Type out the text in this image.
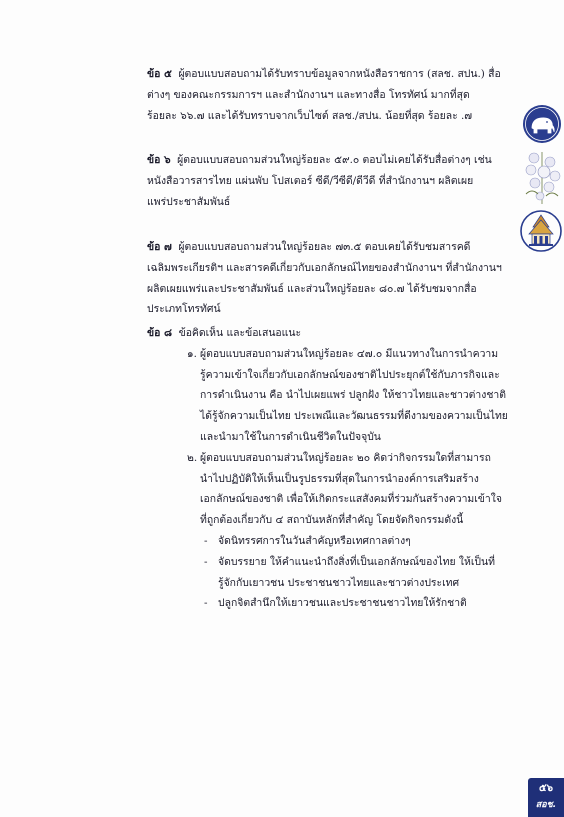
ข้อ ๕ ผู้ตอบแบบสอบถามได้รับทราบข้อมูลจากหนังสือราชการ (สลช. สปน.) สื่อ
ต่างๆ ของคณะกรรมการฯ และสำนักงานฯ และทางสื่อ โทรทัศน์ มากที่สุด
ร้อยละ ๖๖.๗ และได้รับทราบจากเว็บไซต์ สลช./สปน. น้อยที่สุด ร้อยละ .๗
ข้อ ๖ ผู้ตอบแบบสอบถามส่วนใหญ่ร้อยละ ๕๙.๐ ตอบไม่เคยได้รับสื่อต่างๆ เช่น
หนังสือวารสารไทย แผ่นพับ โปสเตอร์ ซีดี/วีซีดี/ดีวีดี ที่สำนักงานฯ ผลิตเผย
แพร่ประชาสัมพันธ์
ข้อ ๗ ผู้ตอบแบบสอบถามส่วนใหญ่ร้อยละ ๗๓.๕ ตอบเคยได้รับชมสารคดี
เฉลิมพระเกียรติฯ และสารคดีเกี่ยวกับเอกลักษณ์ไทยของสำนักงานฯ ที่สำนักงานฯ
ผลิตเผยแพร่และประชาสัมพันธ์ และส่วนใหญ่ร้อยละ ๘๐.๗ ได้รับชมจากสื่อ
ประเภทโทรทัศน์
ข้อ ๘ ข้อคิดเห็น และข้อเสนอแนะ
๑. ผู้ตอบแบบสอบถามส่วนใหญ่ร้อยละ ๔๗.๐ มีแนวทางในการนำความ
รู้ความเข้าใจเกี่ยวกับเอกลักษณ์ของชาติไปประยุกต์ใช้กับภารกิจและ
การดำเนินงาน คือ นำไปเผยแพร่ ปลูกฝัง ให้ชาวไทยและชาวต่างชาติ
ได้รู้จักความเป็นไทย ประเพณีและวัฒนธรรมที่ดีงามของความเป็นไทย
และนำมาใช้ในการดำเนินชีวิตในปัจจุบัน
๒. ผู้ตอบแบบสอบถามส่วนใหญ่ร้อยละ ๒๐ คิดว่ากิจกรรมใดที่สามารถ
นำไปปฏิบัติให้เห็นเป็นรูปธรรมที่สุดในการนำองค์การเสริมสร้าง
เอกลักษณ์ของชาติ เพื่อให้เกิดกระแสสังคมที่ร่วมกันสร้างความเข้าใจ
ที่ถูกต้องเกี่ยวกับ ๔ สถาบันหลักที่สำคัญ โดยจัดกิจกรรมดังนี้
-	จัดนิทรรศการในวันสำคัญหรือเทศกาลต่างๆ
-	จัดบรรยาย ให้คำแนะนำถึงสิ่งที่เป็นเอกลักษณ์ของไทย ให้เป็นที่
รู้จักกับเยาวชน ประชาชนชาวไทยและชาวต่างประเทศ
-	ปลูกจิตสำนึกให้เยาวชนและประชาชนชาวไทยให้รักชาติ
๕๖
สอช.
